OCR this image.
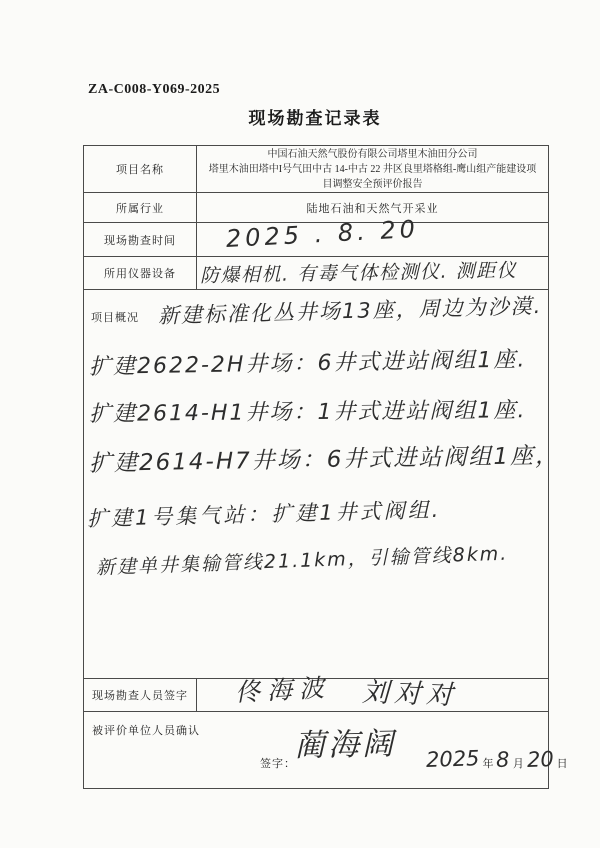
ZA-C008-Y069-2025
现场勘查记录表
项目名称
中国石油天然气股份有限公司塔里木油田分公司
塔里木油田塔中I号气田中古 14-中古 22 井区良里塔格组-鹰山组产能建设项
目调整安全预评价报告
所属行业	陆地石油和天然气开采业
现场勘查时间	2025 . 8. 20
所用仪器设备	防爆相机. 有毒气体检测仪. 测距仪
项目概况 新建标准化丛井场13座，周边为沙漠.
扩建2622-2H井场：6井式进站阀组1座.
扩建2614-H1井场：1井式进站阀组1座.
扩建2614-H7井场：6井式进站阀组1座，
扩建1号集气站：扩建1井式阀组.
新建单井集输管线21.1km，引输管线8km.
现场勘查人员签字	佟海波 刘对对
被评价单位人员确认
签字：
蔺海阔 2025 年 8 月 20 日
